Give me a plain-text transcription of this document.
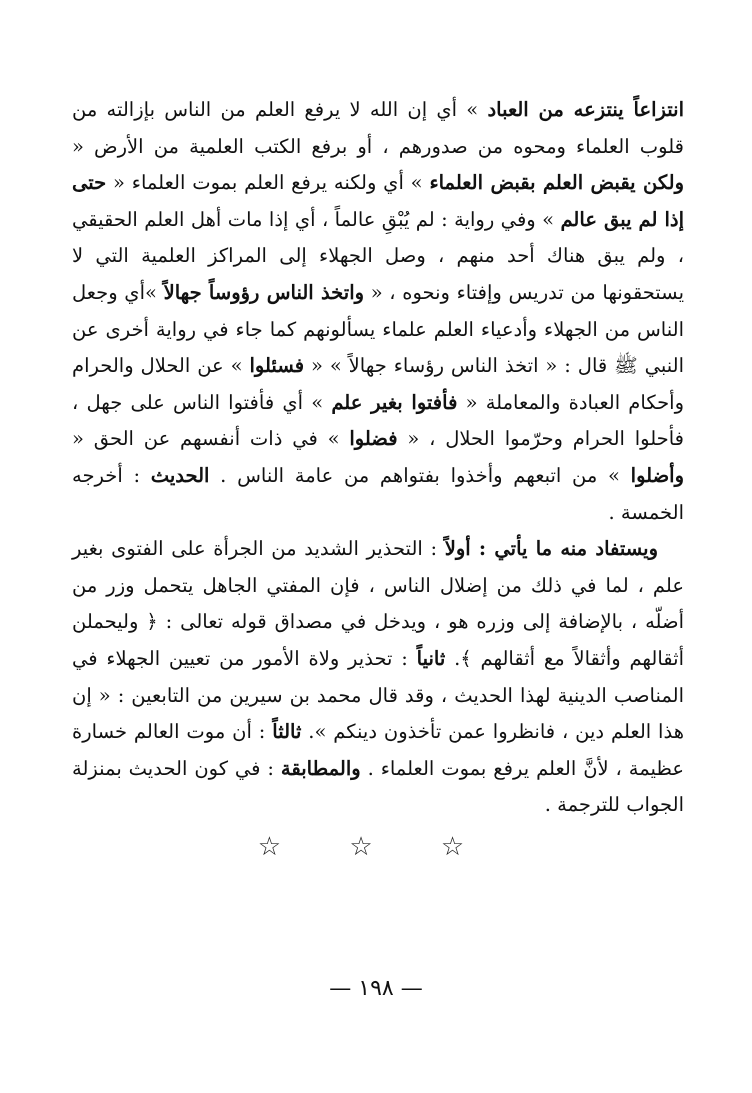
انتزاعاً ينتزعه من العباد » أي إن الله لا يرفع العلم من الناس بإزالته من قلوب العلماء ومحوه من صدورهم ، أو برفع الكتب العلمية من الأرض « ولكن يقبض العلم بقبض العلماء » أي ولكنه يرفع العلم بموت العلماء « حتى إذا لم يبق عالم » وفي رواية : لم يُبْقِ عالماً ، أي إذا مات أهل العلم الحقيقي ، ولم يبق هناك أحد منهم ، وصل الجهلاء إلى المراكز العلمية التي لا يستحقونها من تدريس وإفتاء ونحوه ، « واتخذ الناس رؤوساً جهالاً »أي وجعل الناس من الجهلاء وأدعياء العلم علماء يسألونهم كما جاء في رواية أخرى عن النبي ﷺ قال : « اتخذ الناس رؤساء جهالاً » « فسئلوا » عن الحلال والحرام وأحكام العبادة والمعاملة « فأفتوا بغير علم » أي فأفتوا الناس على جهل ، فأحلوا الحرام وحرّموا الحلال ، « فضلوا » في ذات أنفسهم عن الحق « وأضلوا » من اتبعهم وأخذوا بفتواهم من عامة الناس . الحديث : أخرجه الخمسة .

ويستفاد منه ما يأتي : أولاً : التحذير الشديد من الجرأة على الفتوى بغير علم ، لما في ذلك من إضلال الناس ، فإن المفتي الجاهل يتحمل وزر من أضلّه ، بالإضافة إلى وزره هو ، ويدخل في مصداق قوله تعالى : ﴿ وليحملن أثقالهم وأثقالاً مع أثقالهم ﴾. ثانياً : تحذير ولاة الأمور من تعيين الجهلاء في المناصب الدينية لهذا الحديث ، وقد قال محمد بن سيرين من التابعين : « إن هذا العلم دين ، فانظروا عمن تأخذون دينكم ». ثالثاً : أن موت العالم خسارة عظيمة ، لأنَّ العلم يرفع بموت العلماء . والمطابقة : في كون الحديث بمنزلة الجواب للترجمة .

☆ ☆ ☆
— ١٩٨ —
